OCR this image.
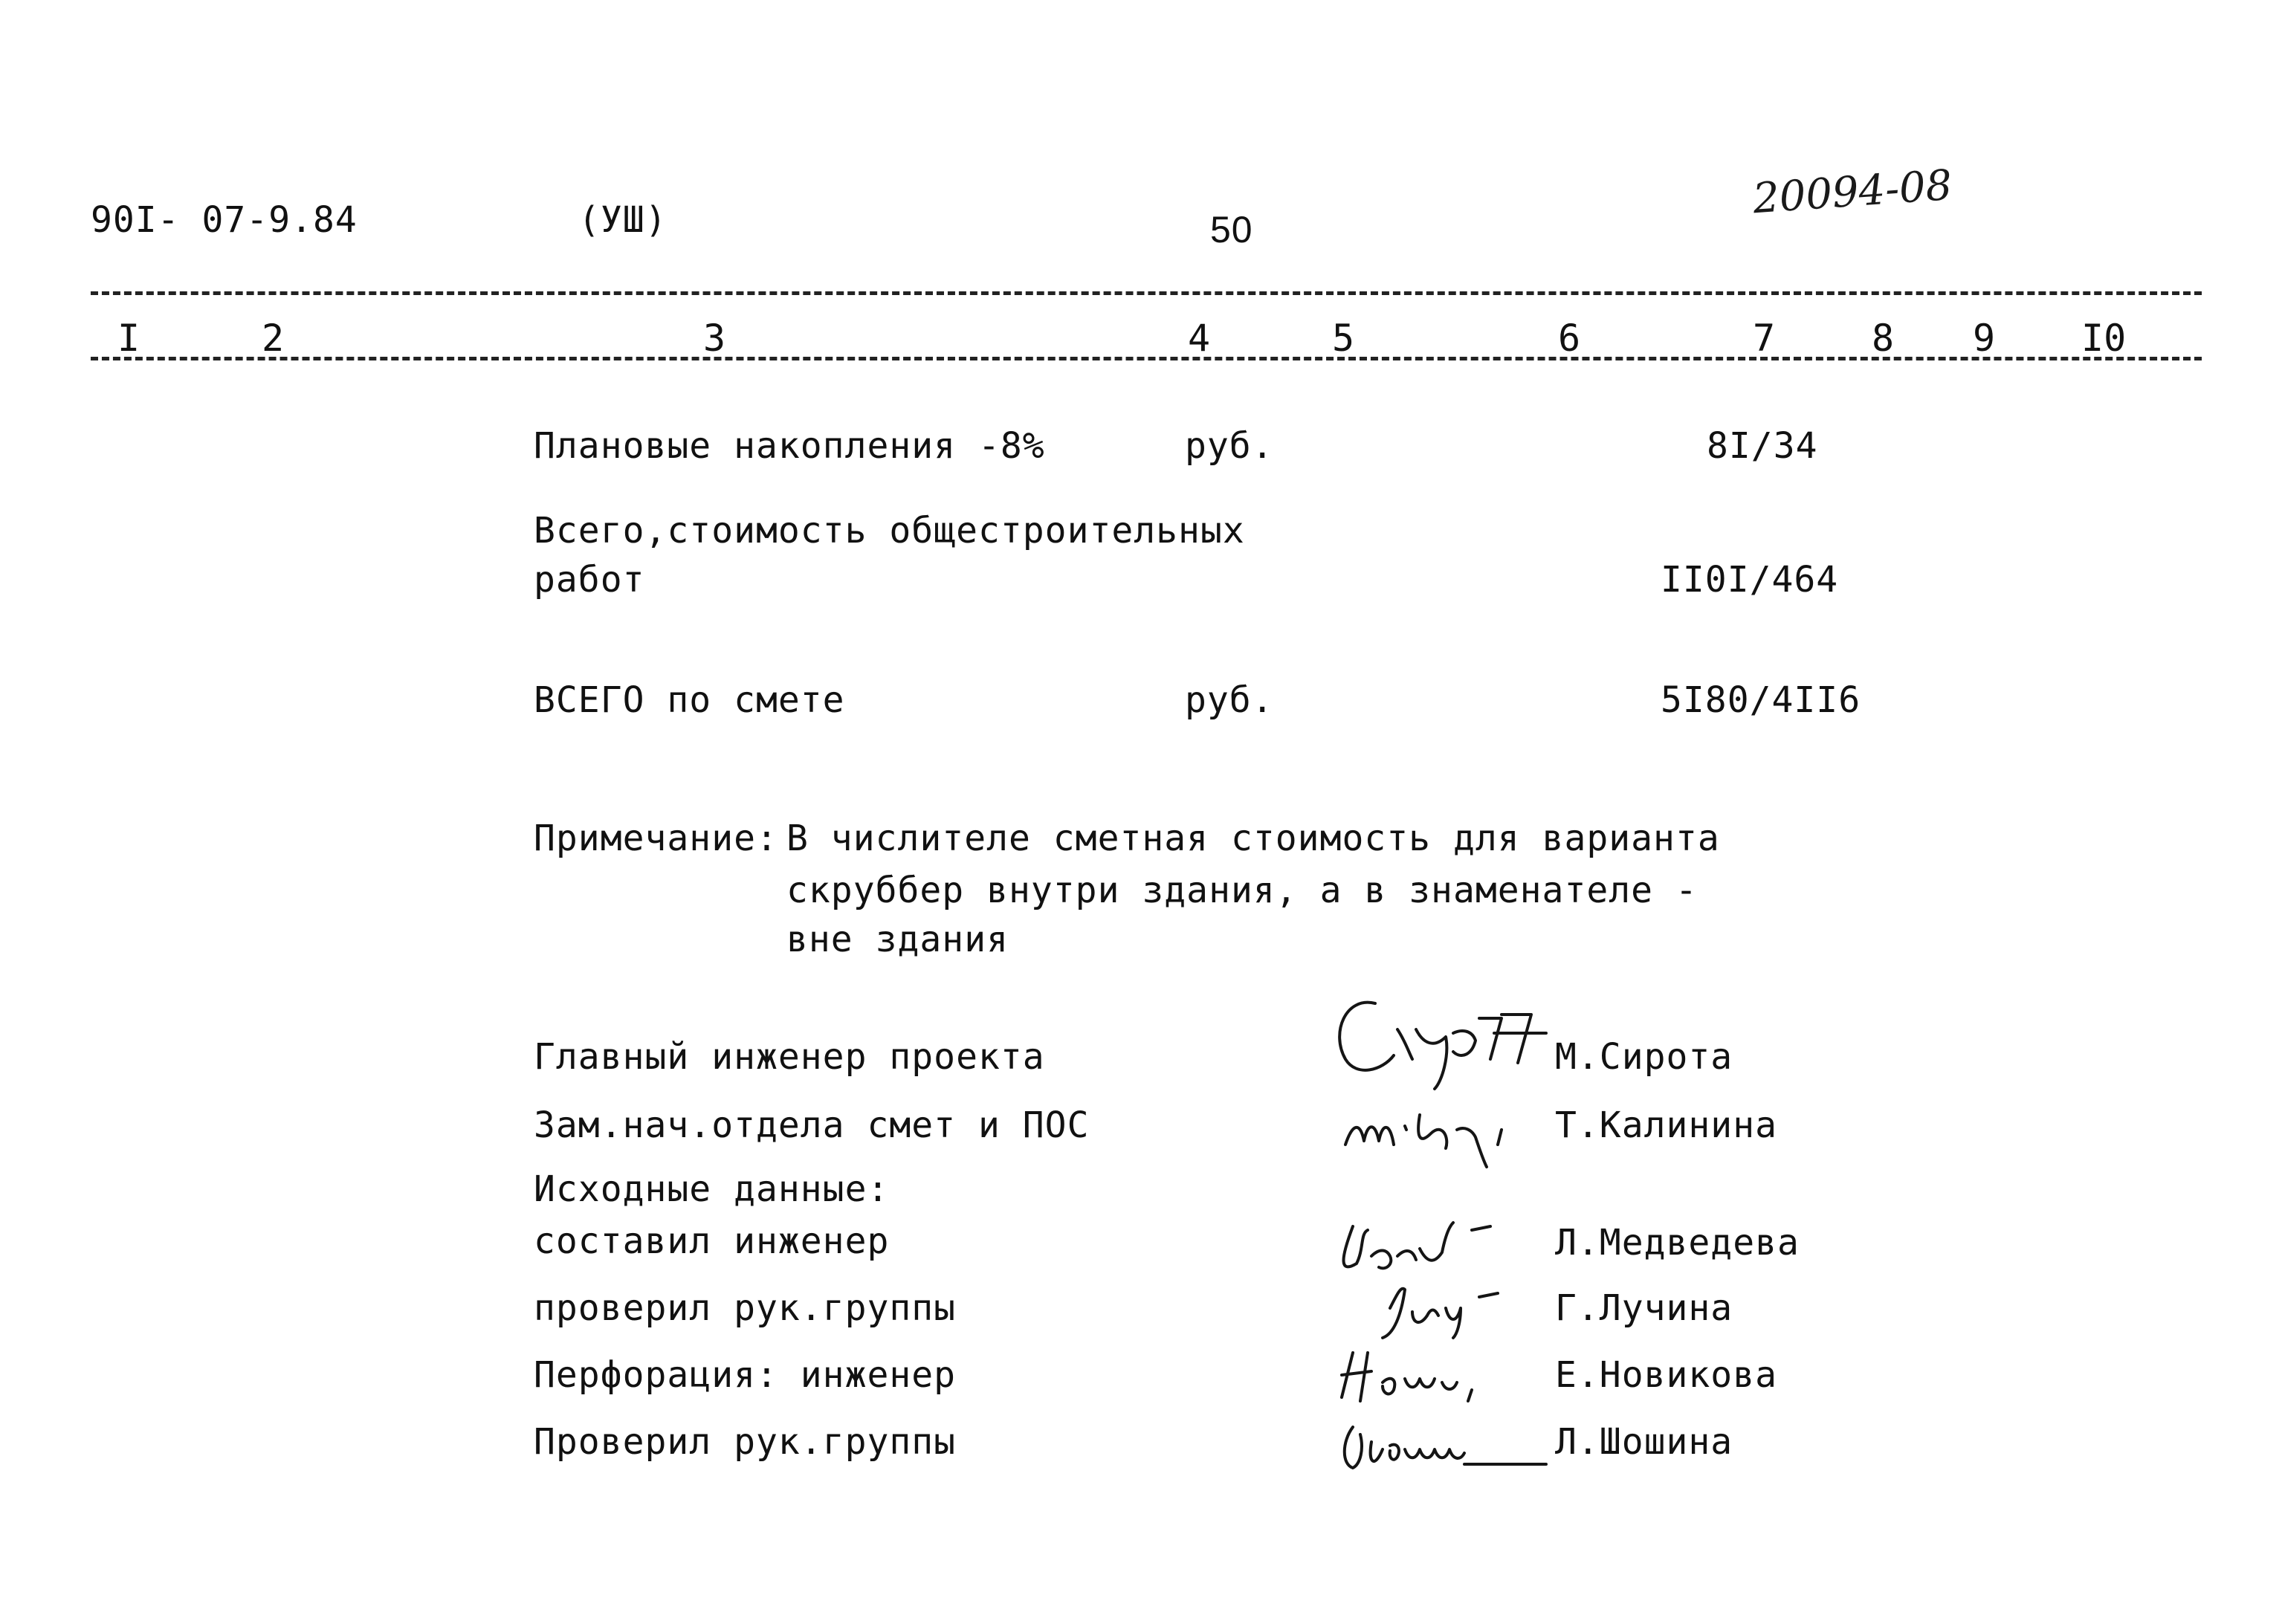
90I- 07-9.84	(УШ)	50
20094-08
I	2	3	4	5	6	7	8 9 I0
Плановые накопления -8%	руб.	8I/34
Всего,стоимость общестроительных
работ	II0I/464
ВСЕГО по смете	руб.	5I80/4II6
Примечание: В числителе сметная стоимость для варианта
скруббер внутри здания, а в знаменателе -
вне здания
Главный инженер проекта	М.Сирота
Зам.нач.отдела смет и ПОС	Т.Калинина
Исходные данные:
составил инженер	Л.Медведева
проверил рук.группы	Г.Лучина
Перфорация: инженер	Е.Новикова
Проверил рук.группы	Л.Шошина
